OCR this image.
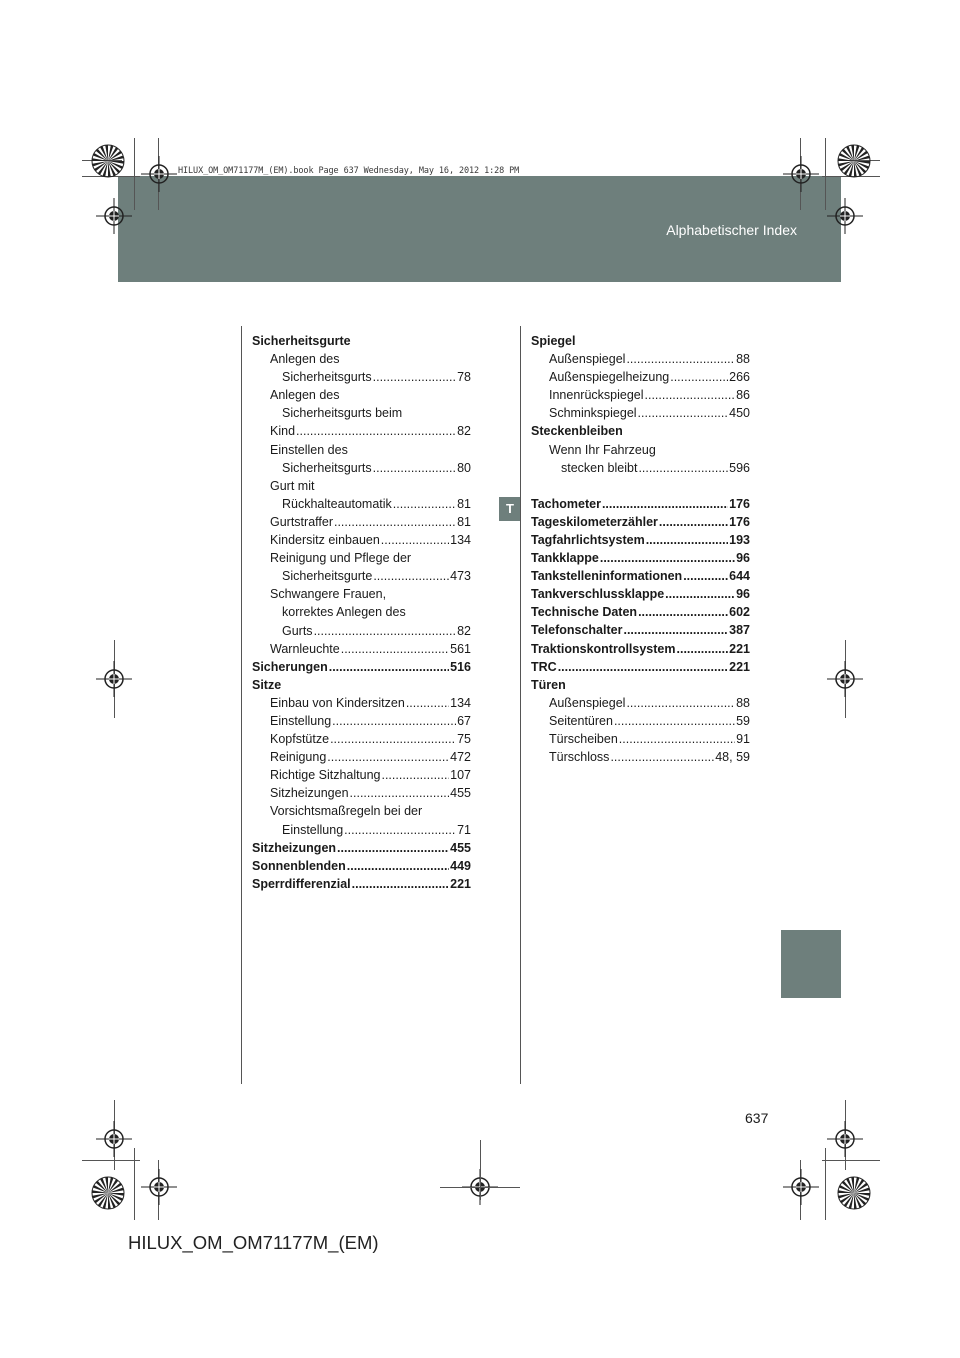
Alphabetischer Index
HILUX_OM_OM71177M_(EM).book Page 637 Wednesday, May 16, 2012 1:28 PM
T
Sicherheitsgurte
Anlegen des
Sicherheitsgurts .....	78
Anlegen des
Sicherheitsgurts beim
Kind .....	82
Einstellen des
Sicherheitsgurts .....	80
Gurt mit
Rückhalteautomatik .....	81
Gurtstraffer .....	81
Kindersitz einbauen .....	134
Reinigung und Pflege der
Sicherheitsgurte .....	473
Schwangere Frauen,
korrektes Anlegen des
Gurts .....	82
Warnleuchte .....	561
Sicherungen .....	516
Sitze
Einbau von Kindersitzen .....	134
Einstellung .....	67
Kopfstütze .....	75
Reinigung .....	472
Richtige Sitzhaltung .....	107
Sitzheizungen .....	455
Vorsichtsmaßregeln bei der
Einstellung .....	71
Sitzheizungen .....	455
Sonnenblenden .....	449
Sperrdifferenzial .....	221
Spiegel
Außenspiegel .....	88
Außenspiegelheizung .....	266
Innenrückspiegel .....	86
Schminkspiegel .....	450
Steckenbleiben
Wenn Ihr Fahrzeug
stecken bleibt .....	596
Tachometer .....	176
Tageskilometerzähler .....	176
Tagfahrlichtsystem .....	193
Tankklappe .....	96
Tankstelleninformationen .....	644
Tankverschlussklappe .....	96
Technische Daten .....	602
Telefonschalter .....	387
Traktionskontrollsystem .....	221
TRC .....	221
Türen
Außenspiegel .....	88
Seitentüren .....	59
Türscheiben .....	91
Türschloss .....	48, 59
637
HILUX_OM_OM71177M_(EM)
